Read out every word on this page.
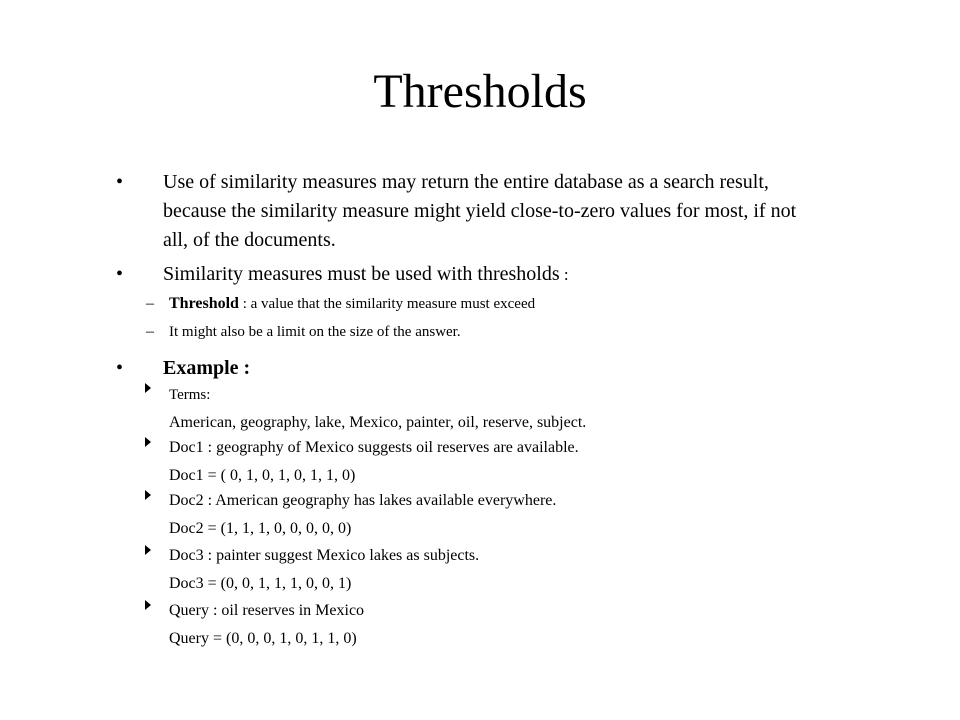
Thresholds
• Use of similarity measures may return the entire database as a search result,
because the similarity measure might yield close-to-zero values for most, if not
all, of the documents.
• Similarity measures must be used with thresholds :
– Threshold : a value that the similarity measure must exceed
– It might also be a limit on the size of the answer.
• Example :
Terms:
American, geography, lake, Mexico, painter, oil, reserve, subject.
Doc1 : geography of Mexico suggests oil reserves are available.
Doc1 = ( 0, 1, 0, 1, 0, 1, 1, 0)
Doc2 : American geography has lakes available everywhere.
Doc2 = (1, 1, 1, 0, 0, 0, 0, 0)
Doc3 : painter suggest Mexico lakes as subjects.
Doc3 = (0, 0, 1, 1, 1, 0, 0, 1)
Query : oil reserves in Mexico
Query = (0, 0, 0, 1, 0, 1, 1, 0)
